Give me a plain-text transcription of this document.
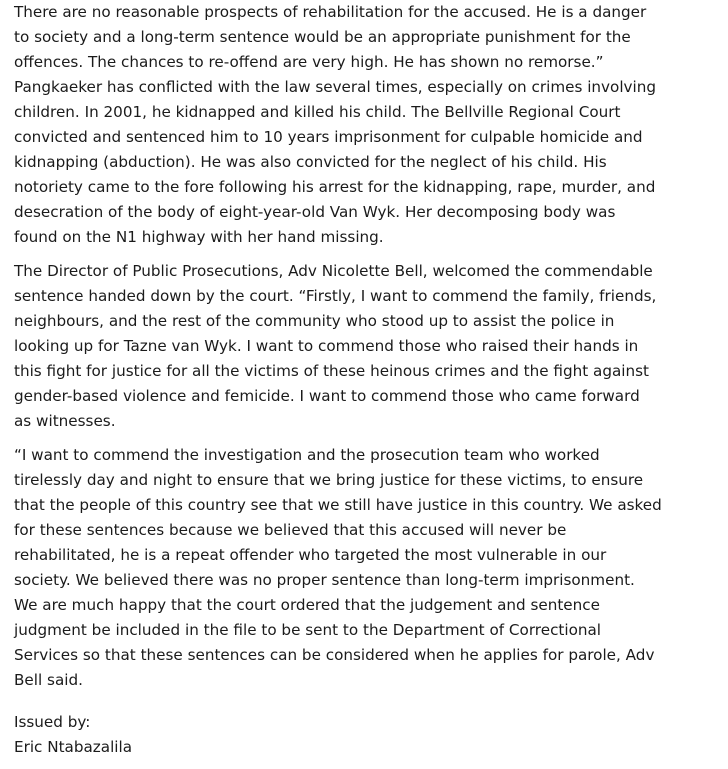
There are no reasonable prospects of rehabilitation for the accused. He is a danger
to society and a long-term sentence would be an appropriate punishment for the
offences. The chances to re-offend are very high. He has shown no remorse.”
Pangkaeker has conflicted with the law several times, especially on crimes involving
children. In 2001, he kidnapped and killed his child. The Bellville Regional Court
convicted and sentenced him to 10 years imprisonment for culpable homicide and
kidnapping (abduction). He was also convicted for the neglect of his child. His
notoriety came to the fore following his arrest for the kidnapping, rape, murder, and
desecration of the body of eight-year-old Van Wyk. Her decomposing body was
found on the N1 highway with her hand missing.
The Director of Public Prosecutions, Adv Nicolette Bell, welcomed the commendable
sentence handed down by the court. “Firstly, I want to commend the family, friends,
neighbours, and the rest of the community who stood up to assist the police in
looking up for Tazne van Wyk. I want to commend those who raised their hands in
this fight for justice for all the victims of these heinous crimes and the fight against
gender-based violence and femicide. I want to commend those who came forward
as witnesses.
“I want to commend the investigation and the prosecution team who worked
tirelessly day and night to ensure that we bring justice for these victims, to ensure
that the people of this country see that we still have justice in this country. We asked
for these sentences because we believed that this accused will never be
rehabilitated, he is a repeat offender who targeted the most vulnerable in our
society. We believed there was no proper sentence than long-term imprisonment.
We are much happy that the court ordered that the judgement and sentence
judgment be included in the file to be sent to the Department of Correctional
Services so that these sentences can be considered when he applies for parole, Adv
Bell said.
Issued by:
Eric Ntabazalila
